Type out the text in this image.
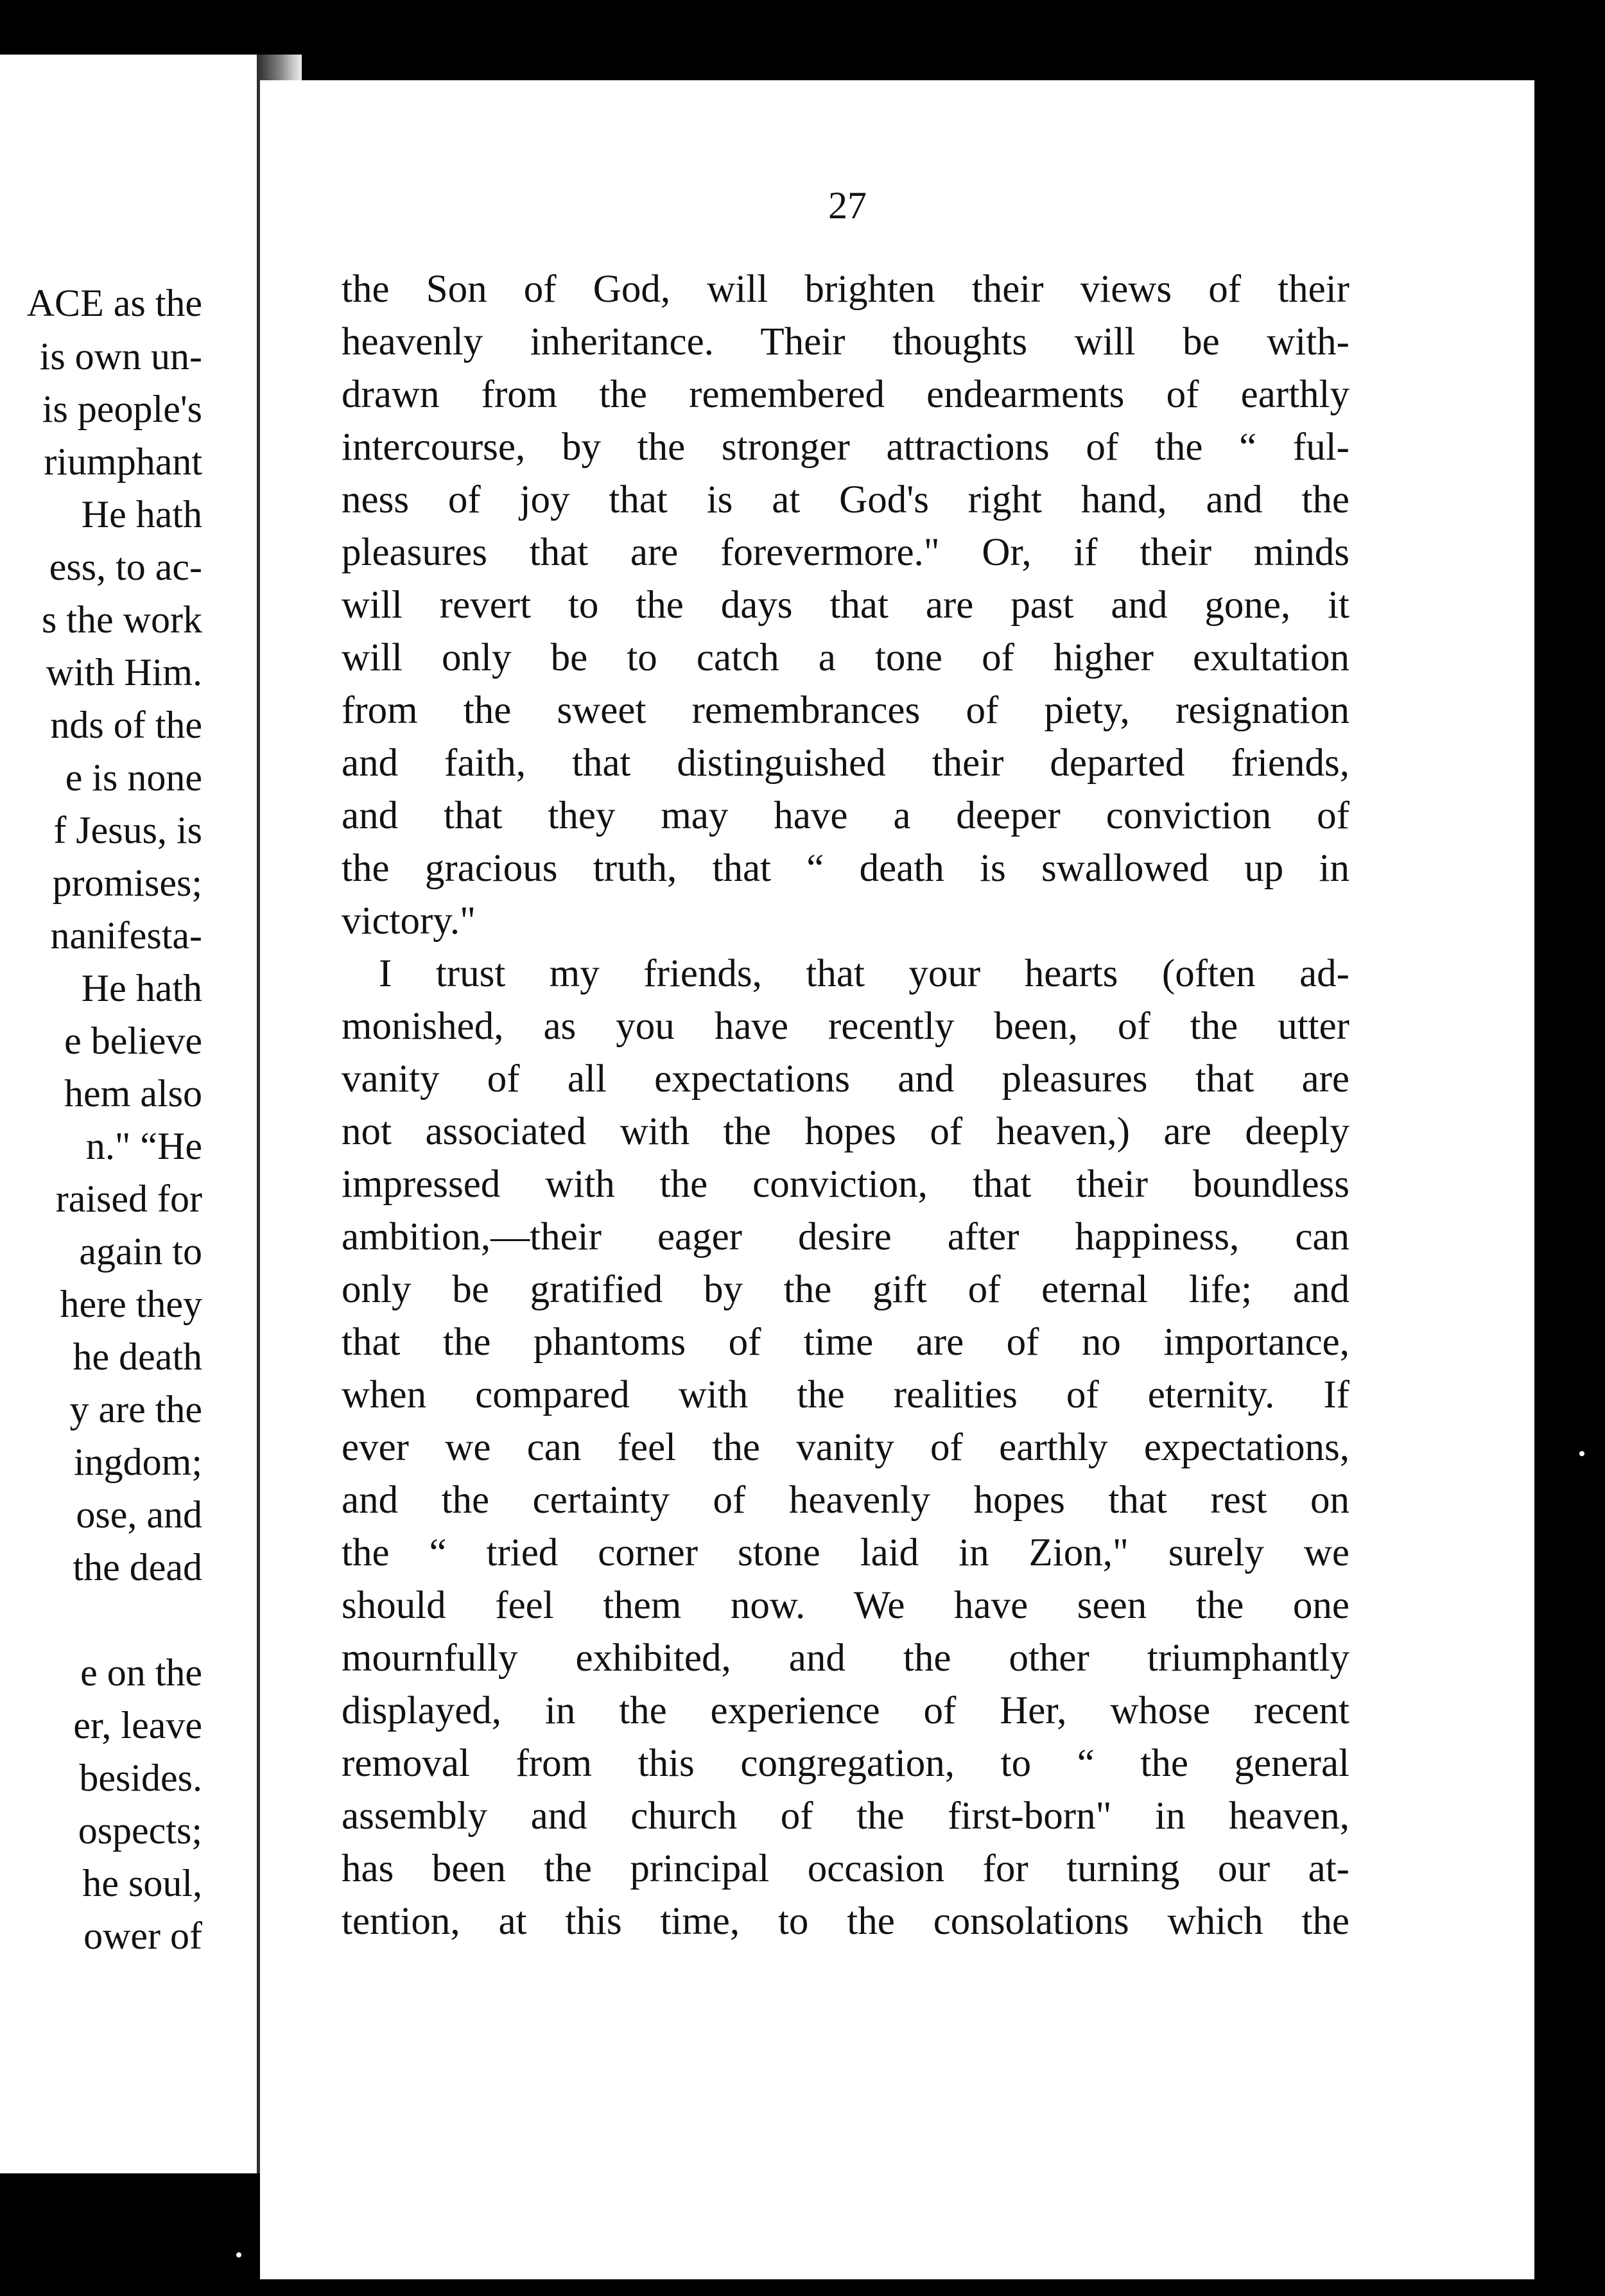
ACE as the
is own un-
is people's
riumphant
He hath
ess, to ac-
s the work
with Him.
nds of the
e is none
f Jesus, is
promises;
nanifesta-
He hath
e believe
hem also
n." “He
raised for
again to
here they
he death
y are the
ingdom;
ose, and
the dead
e on the
er, leave
besides.
ospects;
he soul,
ower of
27
the Son of God, will brighten their views of their
heavenly inheritance. Their thoughts will be with-
drawn from the remembered endearments of earthly
intercourse, by the stronger attractions of the “ ful-
ness of joy that is at God's right hand, and the
pleasures that are forevermore." Or, if their minds
will revert to the days that are past and gone, it
will only be to catch a tone of higher exultation
from the sweet remembrances of piety, resignation
and faith, that distinguished their departed friends,
and that they may have a deeper conviction of
the gracious truth, that “ death is swallowed up in
victory."
I trust my friends, that your hearts (often ad-
monished, as you have recently been, of the utter
vanity of all expectations and pleasures that are
not associated with the hopes of heaven,) are deeply
impressed with the conviction, that their boundless
ambition,—their eager desire after happiness, can
only be gratified by the gift of eternal life; and
that the phantoms of time are of no importance,
when compared with the realities of eternity. If
ever we can feel the vanity of earthly expectations,
and the certainty of heavenly hopes that rest on
the “ tried corner stone laid in Zion," surely we
should feel them now. We have seen the one
mournfully exhibited, and the other triumphantly
displayed, in the experience of Her, whose recent
removal from this congregation, to “ the general
assembly and church of the first-born" in heaven,
has been the principal occasion for turning our at-
tention, at this time, to the consolations which the
